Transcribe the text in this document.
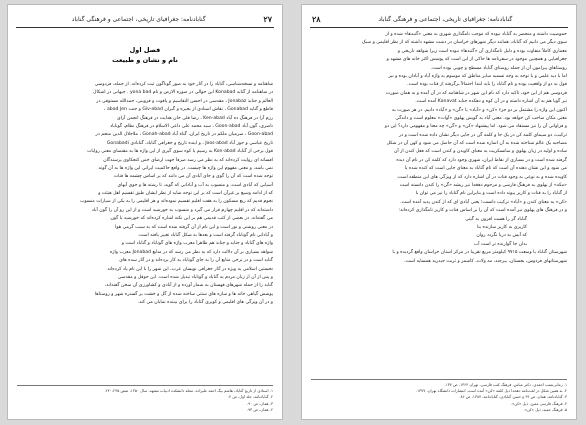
۲۷
گنابادنامه: جغرافیای تاریخی، اجتماعی و فرهنگی گناباد
فصل اول
نام و نشان و طبیعت
شاهنامه و نسخه‌شناسی، گناباد را در آثار خود به صور گوناگون ثبت کرده‌اند. از جمله، فردوسی
در شاهنامه از گنابد Konabad این حوالی در صوره الارض و نام yona bad . جیهانی در اشکال
العالم و جنابذ Jonabaz ، مقدسی در احسن التقاسیم و یاقوت و قزوینی، حمدالله مستوفی در
قاطع و گنابد Gonabad ، نقاش اسنادی از بحیره و گیران Giv-abad و جنت abad Jen ،
رزم آرا در فرهنگ ده آباد Ken-abad ، رضا قلی خان هدایت در فرهنگ انجمن آرای
ناصری، گون آباد Goon-abad ، سید محمد علی داعی الاسلام در فرهنگ نظام، گوناباد
Goon-abad ، سرمیان ملکم در تاریخ ایران، گناه آباد Gonah-abad ، ملاجلال الدین منجم در
تاریخ عباسی و جوز آباد Joos-abad ، و اینده تاریخ و جغرافی گناباد، گنابادی Gonabadi
قول برخی از گناباد Kon-abad به رسیم یا کوه سوی گیری از این واژه ها به مقتضای معنی روایات
افسانه ای روایت کرده‌اند که به نظر می رسد صرفاً جهت ارضای حس کنجکاوی پرسندگان
نمی باشد، و معنی مفهوم این واژه ها چیست. در واقع حاکمیت ایرانی این واژه ها به آن گونه
توجه شده است که آن را گوی و جای آبادی آن می دانند که بر اساس چشمه ها قنات
آسیابی که آبادی است، و منسوب به آب و آبادانی که گوید، تا رشته ها و جوی آبهای
که از ادامه وسیع بر غیرآن است که بر این توجه شاید از نظر ایشان طبق تقسیم اهل هیئت و
نجوم قدیم که ربع مسکون را به هفت اقلیم تقسیم نموده‌اند و هر اقلیمی را به یکی از سیارات منسوب
داشته‌اند که در اقلیم چهارم قرار می گیرد و منسوب به خورشید است و از این رو آن را گون آباد
می گفته‌اند. در بعضی از کتب قدیمی هم بر این نکته اشاره کرده‌اند که خورشید یا گون
در معنی روشنی و نور است و این نام از آن گرفته شده است که به سبب گرمی هوا
و آبادانی نام گوناباد گرفته است و بعدها به شکل گناباد تغییر یافته است.
واژه های گناباد و جنابد و جنابذ هم ظاهراً معرب واژه های گوناباد و گناباد است و
شواهد بسیاری بر آن دلالت دارد که به نظر می رسد که در منابع Jonabad معرب واژه
گنابد است و در برخی منابع آن را به جای گوناباد به کار برده‌اند و در آثار سده های
نخستین اسلامی به ویژه در آثار جغرافی نویسان عرب، این شهر را با این نام یاد کرده‌اند
و پس از آن از زبان مردم به گناباد و گوناباد تبدیل شده است. ابن حوقل و مقدسی
گنابد را از جمله شهرهای قهستان به شمار آورده و از آبادی و کشاورزی آن سخن گفته‌اند،
پوشش گیاهی خانه ها و سازه های سنتی ساخته شده از گل و خشت بر گستره شهر و روستاها
و در آن ویژگی های اقلیمی و کویری گناباد را برای بیننده نمایان می کند.
۱. اسنادی از تاریخ گناباد، هاشم بیگ احمد علیزاده، مجله دانشکده ادبیات مشهد، سال ۱۳۵۰، صص ۲۳۵-۲۴۰.
۲. گنابادنامه، جلد اول، ص ۴.
۳. همان، ص ۹۰.
۴. همان، ص ۹۳.
گنابادنامه: جغرافیای تاریخی، اجتماعی و فرهنگی گناباد
۲۸
حموصیت داشته و منحصر به گناباد نبوده که موجب نامگذاری شهری به معنی «گنبدها» شده و از
سوی دیگر می دانیم که گناباد، همانند دیگر شهرهای خراسان در دشت مشهد داشته که از نظر اقلیمی و سبک
معماری کاملاً متفاوت بوده و دلیل نامگذاری آن «گنبدها» نبوده است زیرا شواهد تاریخی و
جغرافیایی و همچنین موجود در سفرنامه ها حاکی از این است که پوشش اکثر خانه های مشهد و
روستاهای پیرامون آن از جمله روستای گناباد مسطح و چوبی بوده است.
اما با دید علمی و با توجه به وجه تسمیه سایر مناطق که موسوم به واژه آباد و آبادان بوده و نیز
قول به دو از واقعیت بوده و نام گناباد را باید ابتدا احتمالاً برگرفته از قنات بوده است.
فردوسی هم از این خود، تاکید دارد که نام این شهر در شاهنامه که در آن آمده و به همان صورت
نیز گویا هم به آن اشاره داشته و در آن کوه و دهکده جنابد Kanavat آمده است.
اکنون این واژه را مشتمل بر دو جزء «کن» و «آباد» یا «گن» و «آباد» دانیم. در هر صورت به
معنی مکان صاحب کن خواهد بود. معنی آباد به گویش پهلوی «آوات» معلوم است و داندگی
و فراوانی آن را نیز مستفاد می شود. اما پیشنهاد «کن» و «گن» چه معنا و مفهومی دارد؟ این دو
ترکیب، دو سیمای کلمه کن در یک جا و کلمه گن در جایی دیگر نشان داده شده است و در
مصاحبه یک عالم شناخته شده به آن اشاره شده است که آن حاصل می شود و کهن آن در شکل
ساده و اولیه در زبان پهلوی و سانسکریت به معنای کاویدن و کندن است که فعل کندن از آن
گرفته شده است و در بسیاری از نقاط ایران، شهری وجود دارد که کلمه کن در نام آن دیده
می شود و این نشان دهنده آن است که نام گناباد به معنای جایی است که کنده شده یا
کاویده شده و به نوعی به وجود قنات در آن اشاره دارد که از ویژگی های این منطقه است.
«مکه» از بهلوی به فرهنگ فارسی و مرحوم دهخدا نیز ریشه «گن» را کندن دانسته است
از گناباد را به قنات و کاریز پیوند داده است و بنابراین نام گناباد را نیز می توان با
«کن» به معنای کندن و «آباد» ترکیب دانست؛ یعنی آبادی ای که از کندن پدید آمده است.
و در فرهنگ های پهلوی نیز آمده است که آن را بر اساس قنات و کاریز نامگذاری کرده‌اند:
گناباد گر را هست افزون به گیتی
کاریزی به کاریز سازنده بنا
که آبش به دریا نگردد روان
بدان جا گوارنده تر است آب
شهرستان گناباد با وسعت ۹۷۱۵ کیلومتر مربع تقریبا در مرکز استان خراسان واقع گردیده و با
شهرستانهای فردوس، بجستان، بیرجند، مه ولات، کاشمر و تربت حیدریه همسایه است.
۱. زمانی‌نسب احمدی، دکتر عباس، فرهنگ کتب فارسی، تهران ۱۳۶۴، ص ۱۳۷.
۲. به همین شکل در لغت‌نامه دهخدا ذیل کلمه «کن» آمده است. انتشارات دانشگاه تهران، ۱۳۷۷.
۳. گنابادنامه، همان، ص ۴۴ و حسن گنابادی، گنابادنامه، ۱۳۸۷، ص ۸۶.
۴. فرهنگ فارسی معین، ذیل «کن».
۵. فرهنگ عمید، ذیل «کن».
